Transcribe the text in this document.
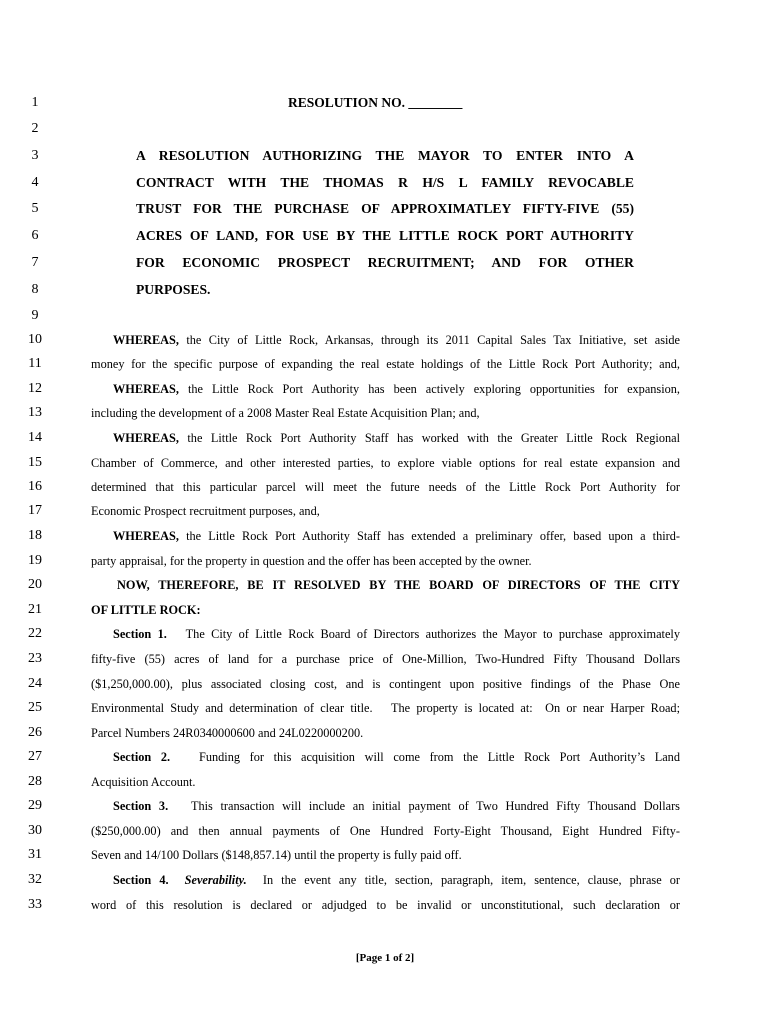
1
2
3
4
5
6
7
8
9
10
11
12
13
14
15
16
17
18
19
20
21
22
23
24
25
26
27
28
29
30
31
32
33
RESOLUTION NO. ________
A RESOLUTION AUTHORIZING THE MAYOR TO ENTER INTO A
CONTRACT WITH THE THOMAS R H/S L FAMILY REVOCABLE
TRUST FOR THE PURCHASE OF APPROXIMATLEY FIFTY-FIVE (55)
ACRES OF LAND, FOR USE BY THE LITTLE ROCK PORT AUTHORITY
FOR ECONOMIC PROSPECT RECRUITMENT; AND FOR OTHER
PURPOSES.
WHEREAS, the City of Little Rock, Arkansas, through its 2011 Capital Sales Tax Initiative, set aside
money for the specific purpose of expanding the real estate holdings of the Little Rock Port Authority; and,
WHEREAS, the Little Rock Port Authority has been actively exploring opportunities for expansion,
including the development of a 2008 Master Real Estate Acquisition Plan; and,
WHEREAS, the Little Rock Port Authority Staff has worked with the Greater Little Rock Regional
Chamber of Commerce, and other interested parties, to explore viable options for real estate expansion and
determined that this particular parcel will meet the future needs of the Little Rock Port Authority for
Economic Prospect recruitment purposes, and,
WHEREAS, the Little Rock Port Authority Staff has extended a preliminary offer, based upon a third-
party appraisal, for the property in question and the offer has been accepted by the owner.
NOW, THEREFORE, BE IT RESOLVED BY THE BOARD OF DIRECTORS OF THE CITY
OF LITTLE ROCK:
Section 1. The City of Little Rock Board of Directors authorizes the Mayor to purchase approximately
fifty-five (55) acres of land for a purchase price of One-Million, Two-Hundred Fifty Thousand Dollars
($1,250,000.00), plus associated closing cost, and is contingent upon positive findings of the Phase One
Environmental Study and determination of clear title.   The property is located at:  On or near Harper Road;
Parcel Numbers 24R0340000600 and 24L0220000200.
Section 2. Funding for this acquisition will come from the Little Rock Port Authority’s Land
Acquisition Account.
Section 3. This transaction will include an initial payment of Two Hundred Fifty Thousand Dollars
($250,000.00) and then annual payments of One Hundred Forty-Eight Thousand, Eight Hundred Fifty-
Seven and 14/100 Dollars ($148,857.14) until the property is fully paid off.
Section 4. Severability. In the event any title, section, paragraph, item, sentence, clause, phrase or
word of this resolution is declared or adjudged to be invalid or unconstitutional, such declaration or
[Page 1 of 2]
